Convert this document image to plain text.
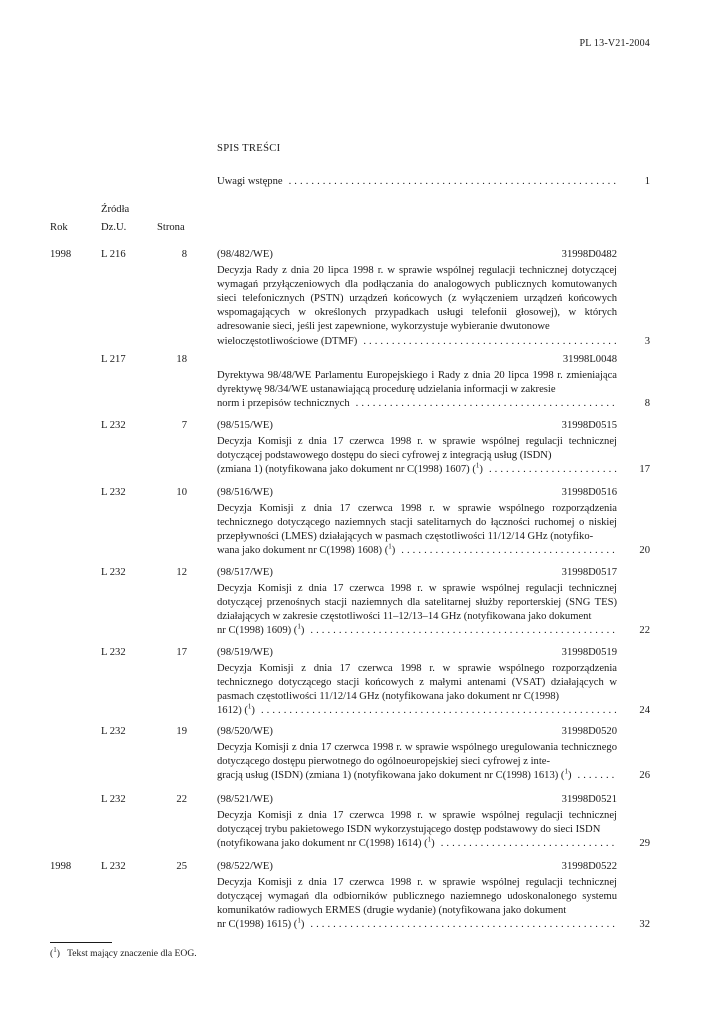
PL 13-V21-2004
SPIS TREŚCI
Uwagi wstępne . . .	1
Źródła
Rok	Dz.U.	Strona
1998	L 216	8	(98/482/WE)	31998D0482
Decyzja Rady z dnia 20 lipca 1998 r. w sprawie wspólnej regulacji technicznej dotyczącej wymagań przyłączeniowych dla podłączania do analogowych publicznych komutowanych sieci telefonicznych (PSTN) urządzeń końcowych (z wyłączeniem urządzeń końcowych wspomagających w określonych przypadkach usługi telefonii głosowej), w których adresowanie sieci, jeśli jest zapewnione, wykorzystuje wybieranie dwutonowe
wieloczęstotliwościowe (DTMF) . . .	3
L 217	18	31998L0048
Dyrektywa 98/48/WE Parlamentu Europejskiego i Rady z dnia 20 lipca 1998 r. zmieniająca dyrektywę 98/34/WE ustanawiającą procedurę udzielania informacji w zakresie
norm i przepisów technicznych . . .	8
L 232	7	(98/515/WE)	31998D0515
Decyzja Komisji z dnia 17 czerwca 1998 r. w sprawie wspólnej regulacji technicznej dotyczącej podstawowego dostępu do sieci cyfrowej z integracją usług (ISDN)
(zmiana 1) (notyfikowana jako dokument nr C(1998) 1607) ($^1$) . . .	17
L 232	10	(98/516/WE)	31998D0516
Decyzja Komisji z dnia 17 czerwca 1998 r. w sprawie wspólnego rozporządzenia technicznego dotyczącego naziemnych stacji satelitarnych do łączności ruchomej o niskiej przepływności (LMES) działających w pasmach częstotliwości 11/12/14 GHz (notyfiko-
wana jako dokument nr C(1998) 1608) ($^1$) . . .	20
L 232	12	(98/517/WE)	31998D0517
Decyzja Komisji z dnia 17 czerwca 1998 r. w sprawie wspólnej regulacji technicznej dotyczącej przenośnych stacji naziemnych dla satelitarnej służby reporterskiej (SNG TES) działających w zakresie częstotliwości 11–12/13–14 GHz (notyfikowana jako dokument
nr C(1998) 1609) ($^1$) . . .	22
L 232	17	(98/519/WE)	31998D0519
Decyzja Komisji z dnia 17 czerwca 1998 r. w sprawie wspólnego rozporządzenia technicznego dotyczącego stacji końcowych z małymi antenami (VSAT) działających w pasmach częstotliwości 11/12/14 GHz (notyfikowana jako dokument nr C(1998)
1612) ($^1$) . . .	24
L 232	19	(98/520/WE)	31998D0520
Decyzja Komisji z dnia 17 czerwca 1998 r. w sprawie wspólnego uregulowania technicznego dotyczącego dostępu pierwotnego do ogólnoeuropejskiej sieci cyfrowej z inte-
gracją usług (ISDN) (zmiana 1) (notyfikowana jako dokument nr C(1998) 1613) ($^1$) . . .	26
L 232	22	(98/521/WE)	31998D0521
Decyzja Komisji z dnia 17 czerwca 1998 r. w sprawie wspólnej regulacji technicznej dotyczącej trybu pakietowego ISDN wykorzystującego dostęp podstawowy do sieci ISDN
(notyfikowana jako dokument nr C(1998) 1614) ($^1$) . . .	29
1998	L 232	25	(98/522/WE)	31998D0522
Decyzja Komisji z dnia 17 czerwca 1998 r. w sprawie wspólnej regulacji technicznej dotyczącej wymagań dla odbiorników publicznego naziemnego udoskonalonego systemu komunikatów radiowych ERMES (drugie wydanie) (notyfikowana jako dokument
nr C(1998) 1615) ($^1$) . . .	32
($^1$)   Tekst mający znaczenie dla EOG.
